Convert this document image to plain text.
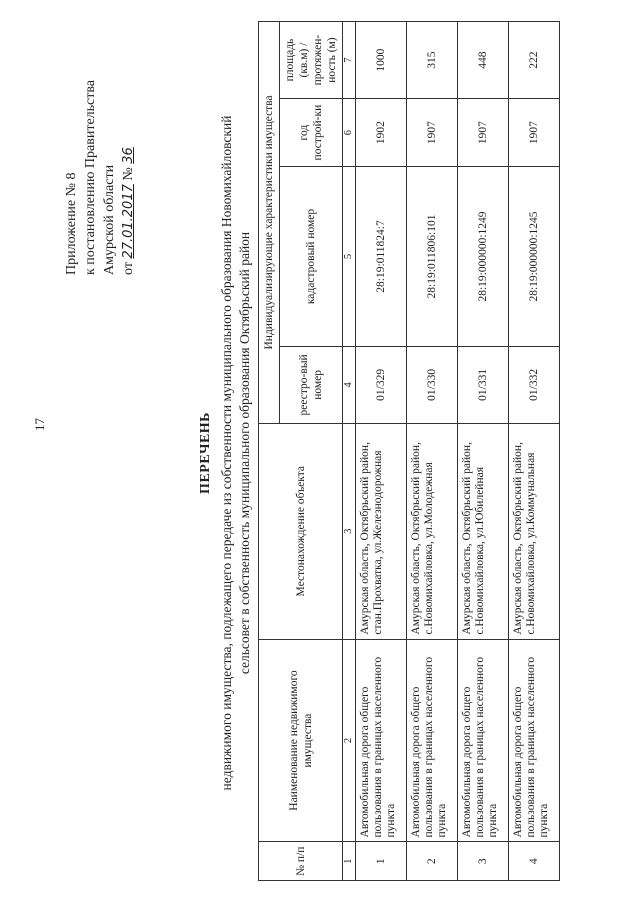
17
Приложение № 8 к постановлению Правительства Амурской области от 27.01.2017 № 36
ПЕРЕЧЕНЬ недвижимого имущества, подлежащего передаче из собственности муниципального образования Новомихайловский сельсовет в собственность муниципального образования Октябрьский район
№ п/п	Наименование недвижимого имущества	Местонахождение объекта	Индивидуализирующие характеристики имущества			
			реестро-вый номер	кадастровый номер	год построй-ки	площадь (кв.м) / протяжен-ность (м)
1	2	3	4	5	6	7
1	Автомобильная дорога общего пользования в границах населенного пункта	Амурская область, Октябрьский район, стан.Прохватка, ул.Железнодорожная	01/329	28:19:011824:7	1902	1000
2	Автомобильная дорога общего пользования в границах населенного пункта	Амурская область, Октябрьский район, с.Новомихайловка, ул.Молодежная	01/330	28:19:011806:101	1907	315
3	Автомобильная дорога общего пользования в границах населенного пункта	Амурская область, Октябрьский район, с.Новомихайловка, ул.Юбилейная	01/331	28:19:000000:1249	1907	448
4	Автомобильная дорога общего пользования в границах населенного пункта	Амурская область, Октябрьский район, с.Новомихайловка, ул.Коммунальная	01/332	28:19:000000:1245	1907	222
